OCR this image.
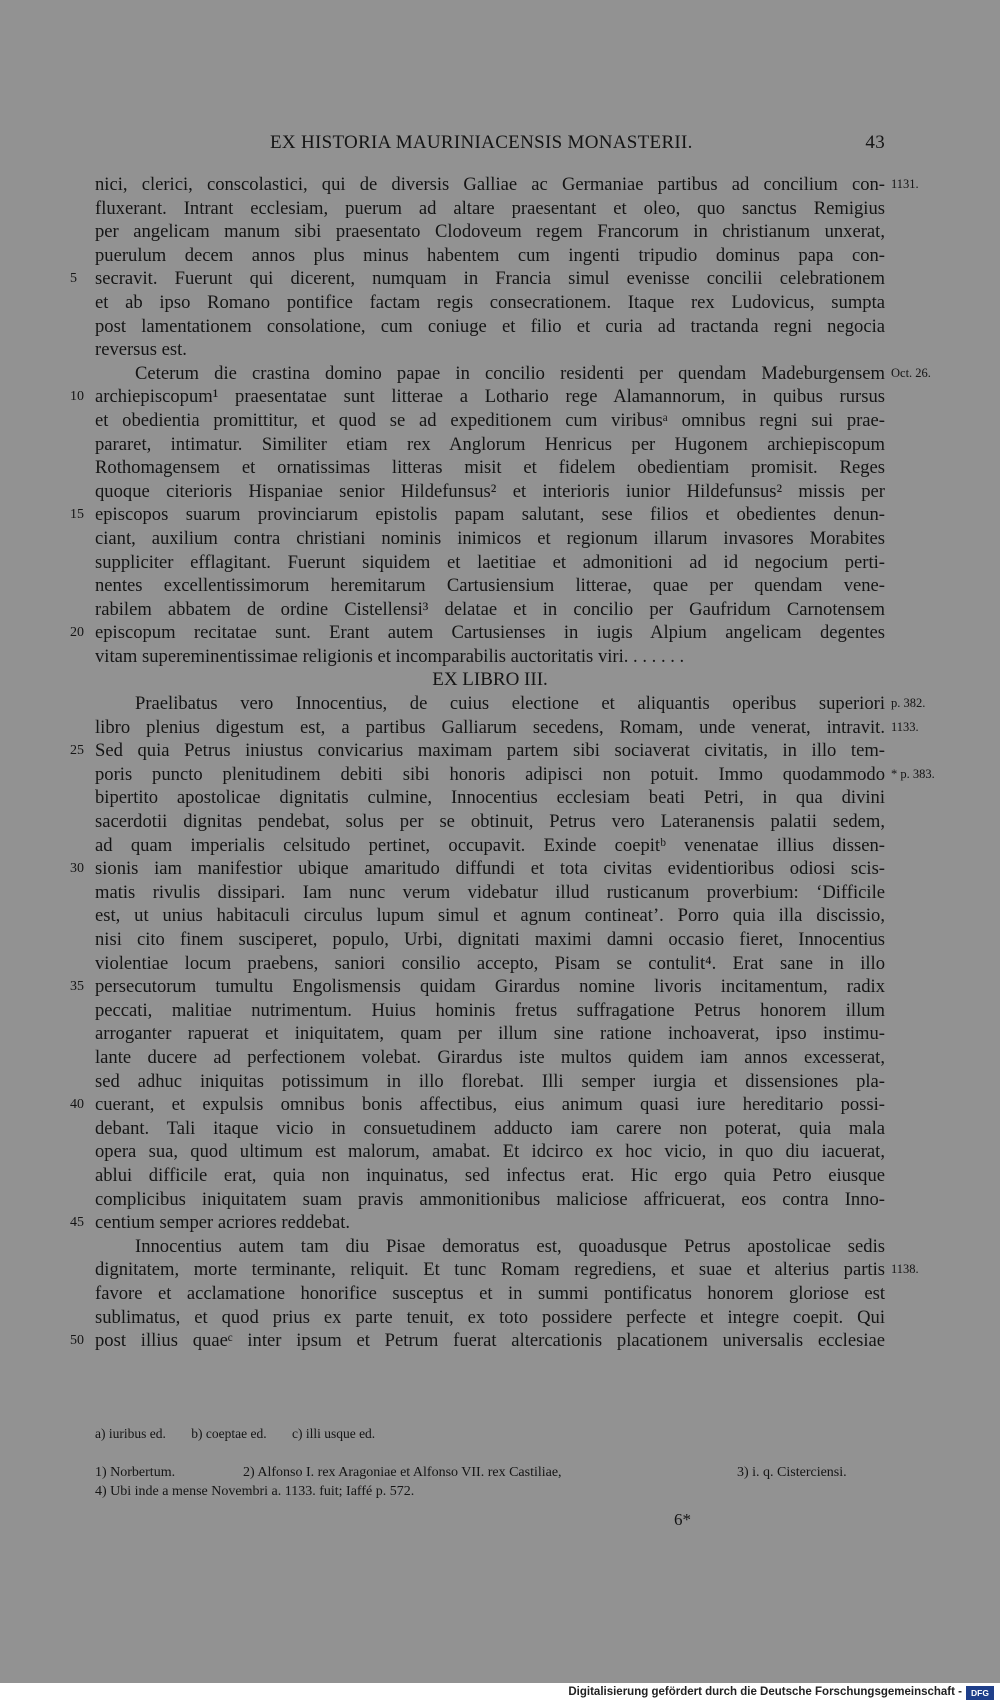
EX HISTORIA MAURINIACENSIS MONASTERII.	43
nici, clerici, conscolastici, qui de diversis Galliae ac Germaniae partibus ad concilium con- 1131.
fluxerant. Intrant ecclesiam, puerum ad altare praesentant et oleo, quo sanctus Remigius
per angelicam manum sibi praesentato Clodoveum regem Francorum in christianum unxerat,
puerulum decem annos plus minus habentem cum ingenti tripudio dominus papa con-
5 secravit. Fuerunt qui dicerent, numquam in Francia simul evenisse concilii celebrationem
et ab ipso Romano pontifice factam regis consecrationem. Itaque rex Ludovicus, sumpta
post lamentationem consolatione, cum coniuge et filio et curia ad tractanda regni negocia
reversus est.
Ceterum die crastina domino papae in concilio residenti per quendam Madeburgensem Oct. 26.
10 archiepiscopum¹ praesentatae sunt litterae a Lothario rege Alamannorum, in quibus rursus
et obedientia promittitur, et quod se ad expeditionem cum viribusᵃ omnibus regni sui prae-
pararet, intimatur. Similiter etiam rex Anglorum Henricus per Hugonem archiepiscopum
Rothomagensem et ornatissimas litteras misit et fidelem obedientiam promisit. Reges
quoque citerioris Hispaniae senior Hildefunsus² et interioris iunior Hildefunsus² missis per
15 episcopos suarum provinciarum epistolis papam salutant, sese filios et obedientes denun-
ciant, auxilium contra christiani nominis inimicos et regionum illarum invasores Morabites
suppliciter efflagitant. Fuerunt siquidem et laetitiae et admonitioni ad id negocium perti-
nentes excellentissimorum heremitarum Cartusiensium litterae, quae per quendam vene-
rabilem abbatem de ordine Cistellensi³ delatae et in concilio per Gaufridum Carnotensem
20 episcopum recitatae sunt. Erant autem Cartusienses in iugis Alpium angelicam degentes
vitam supereminentissimae religionis et incomparabilis auctoritatis viri. . . . . . .
EX LIBRO III.
Praelibatus vero Innocentius, de cuius electione et aliquantis operibus superiori p. 382.
libro plenius digestum est, a partibus Galliarum secedens, Romam, unde venerat, intravit. 1133.
25 Sed quia Petrus iniustus convicarius maximam partem sibi sociaverat civitatis, in illo tem-
poris puncto plenitudinem debiti sibi honoris adipisci non potuit. Immo quodammodo * p. 383.
bipertito apostolicae dignitatis culmine, Innocentius ecclesiam beati Petri, in qua divini
sacerdotii dignitas pendebat, solus per se obtinuit, Petrus vero Lateranensis palatii sedem,
ad quam imperialis celsitudo pertinet, occupavit. Exinde coepitᵇ venenatae illius dissen-
30 sionis iam manifestior ubique amaritudo diffundi et tota civitas evidentioribus odiosi scis-
matis rivulis dissipari. Iam nunc verum videbatur illud rusticanum proverbium: ‘Difficile
est, ut unius habitaculi circulus lupum simul et agnum contineat’. Porro quia illa discissio,
nisi cito finem susciperet, populo, Urbi, dignitati maximi damni occasio fieret, Innocentius
violentiae locum praebens, saniori consilio accepto, Pisam se contulit⁴. Erat sane in illo
35 persecutorum tumultu Engolismensis quidam Girardus nomine livoris incitamentum, radix
peccati, malitiae nutrimentum. Huius hominis fretus suffragatione Petrus honorem illum
arroganter rapuerat et iniquitatem, quam per illum sine ratione inchoaverat, ipso instimu-
lante ducere ad perfectionem volebat. Girardus iste multos quidem iam annos excesserat,
sed adhuc iniquitas potissimum in illo florebat. Illi semper iurgia et dissensiones pla-
40 cuerant, et expulsis omnibus bonis affectibus, eius animum quasi iure hereditario possi-
debant. Tali itaque vicio in consuetudinem adducto iam carere non poterat, quia mala
opera sua, quod ultimum est malorum, amabat. Et idcirco ex hoc vicio, in quo diu iacuerat,
ablui difficile erat, quia non inquinatus, sed infectus erat. Hic ergo quia Petro eiusque
complicibus iniquitatem suam pravis ammonitionibus maliciose affricuerat, eos contra Inno-
45 centium semper acriores reddebat.
Innocentius autem tam diu Pisae demoratus est, quoadusque Petrus apostolicae sedis
dignitatem, morte terminante, reliquit. Et tunc Romam regrediens, et suae et alterius partis 1138.
favore et acclamatione honorifice susceptus et in summi pontificatus honorem gloriose est
sublimatus, et quod prius ex parte tenuit, ex toto possidere perfecte et integre coepit. Qui
50 post illius quaeᶜ inter ipsum et Petrum fuerat altercationis placationem universalis ecclesiae
a) iuribus ed. b) coeptae ed. c) illi usque ed.
1) Norbertum.	2) Alfonso I. rex Aragoniae et Alfonso VII. rex Castiliae,	3) i. q. Cisterciensi.
4) Ubi inde a mense Novembri a. 1133. fuit; Iaffé p. 572.
6*
Digitalisierung gefördert durch die Deutsche Forschungsgemeinschaft -	DFG
